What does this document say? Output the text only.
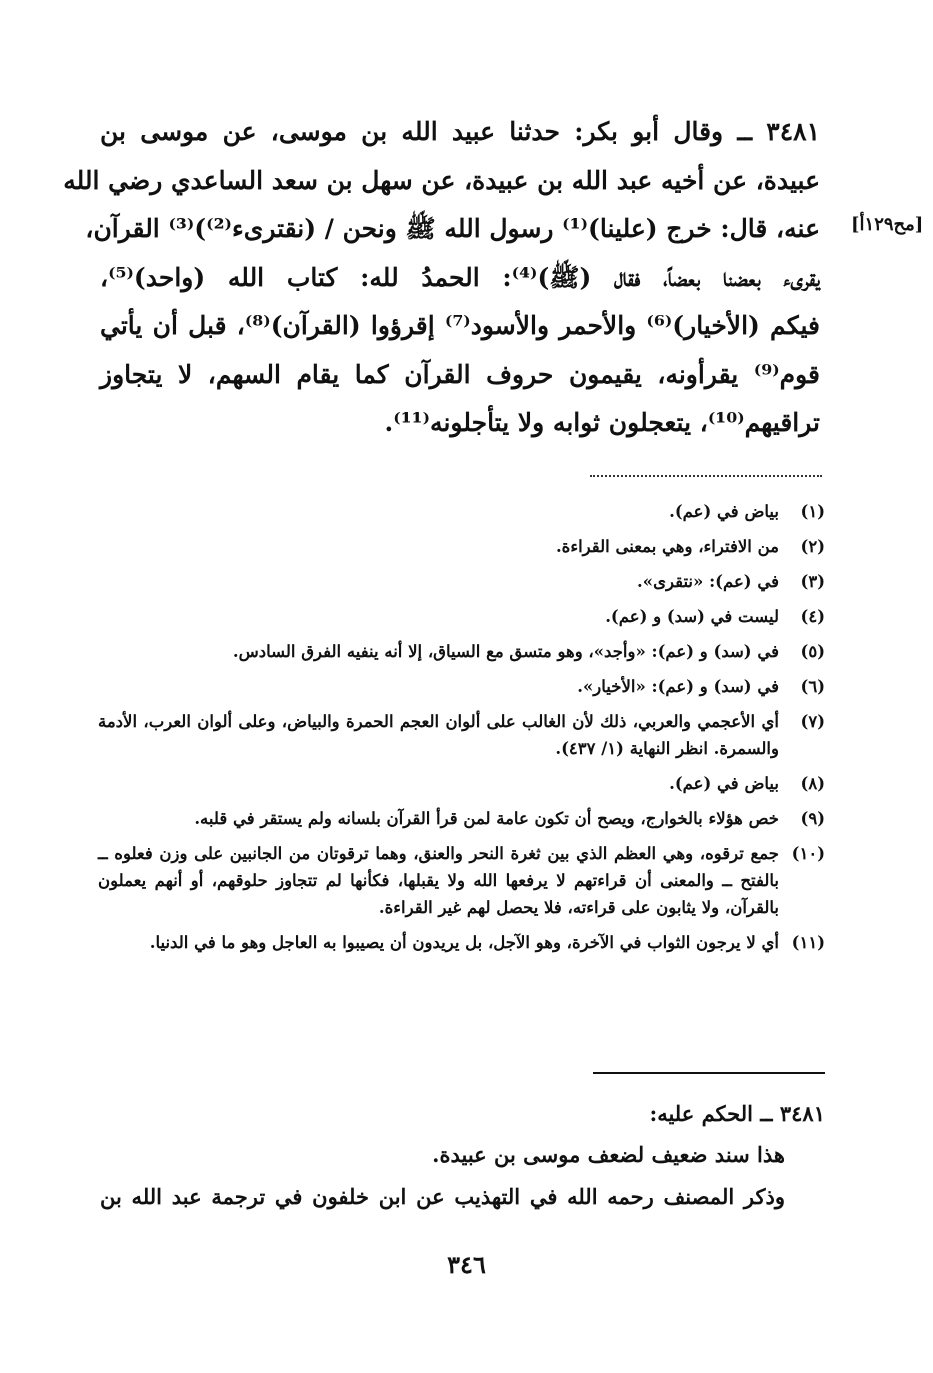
٣٤٨١ ــ وقال أبو بكر: حدثنا عبيد الله بن موسى، عن موسى بن
عبيدة، عن أخيه عبد الله بن عبيدة، عن سهل بن سعد الساعدي رضي الله
عنه، قال: خرج (علينا)⁽¹⁾ رسول الله ﷺ ونحن / (نقترىء⁽²⁾)⁽³⁾ القرآن،
يقرىء بعضنا بعضاً، فقال (ﷺ)⁽⁴⁾: الحمدُ لله: كتاب الله (واحد)⁽⁵⁾،
فيكم (الأخيار)⁽⁶⁾ والأحمر والأسود⁽⁷⁾ إقرؤوا (القرآن)⁽⁸⁾، قبل أن يأتي
قوم⁽⁹⁾ يقرأونه، يقيمون حروف القرآن كما يقام السهم، لا يتجاوز
تراقيهم⁽¹⁰⁾، يتعجلون ثوابه ولا يتأجلونه⁽¹¹⁾.
[مح١٢٩أ]
(١)
بياض في (عم).
(٢)
من الافتراء، وهي بمعنى القراءة.
(٣)
في (عم): «نتقرى».
(٤)
ليست في (سد) و (عم).
(٥)
في (سد) و (عم): «وأجد»، وهو متسق مع السياق، إلا أنه ينفيه الفرق السادس.
(٦)
في (سد) و (عم): «الأخيار».
(٧)
أي الأعجمي والعربي، ذلك لأن الغالب على ألوان العجم الحمرة والبياض، وعلى ألوان العرب، الأدمة والسمرة. انظر النهاية (١/ ٤٣٧).
(٨)
بياض في (عم).
(٩)
خص هؤلاء بالخوارج، ويصح أن تكون عامة لمن قرأ القرآن بلسانه ولم يستقر في قلبه.
(١٠)
جمع ترقوه، وهي العظم الذي بين ثغرة النحر والعنق، وهما ترقوتان من الجانبين على وزن فعلوه ــ بالفتح ــ والمعنى أن قراءتهم لا يرفعها الله ولا يقبلها، فكأنها لم تتجاوز حلوقهم، أو أنهم يعملون بالقرآن، ولا يثابون على قراءته، فلا يحصل لهم غير القراءة.
(١١)
أي لا يرجون الثواب في الآخرة، وهو الآجل، بل يريدون أن يصيبوا به العاجل وهو ما في الدنيا.
٣٤٨١ ــ الحكم عليه:
هذا سند ضعيف لضعف موسى بن عبيدة.
وذكر المصنف رحمه الله في التهذيب عن ابن خلفون في ترجمة عبد الله بن
٣٤٦
